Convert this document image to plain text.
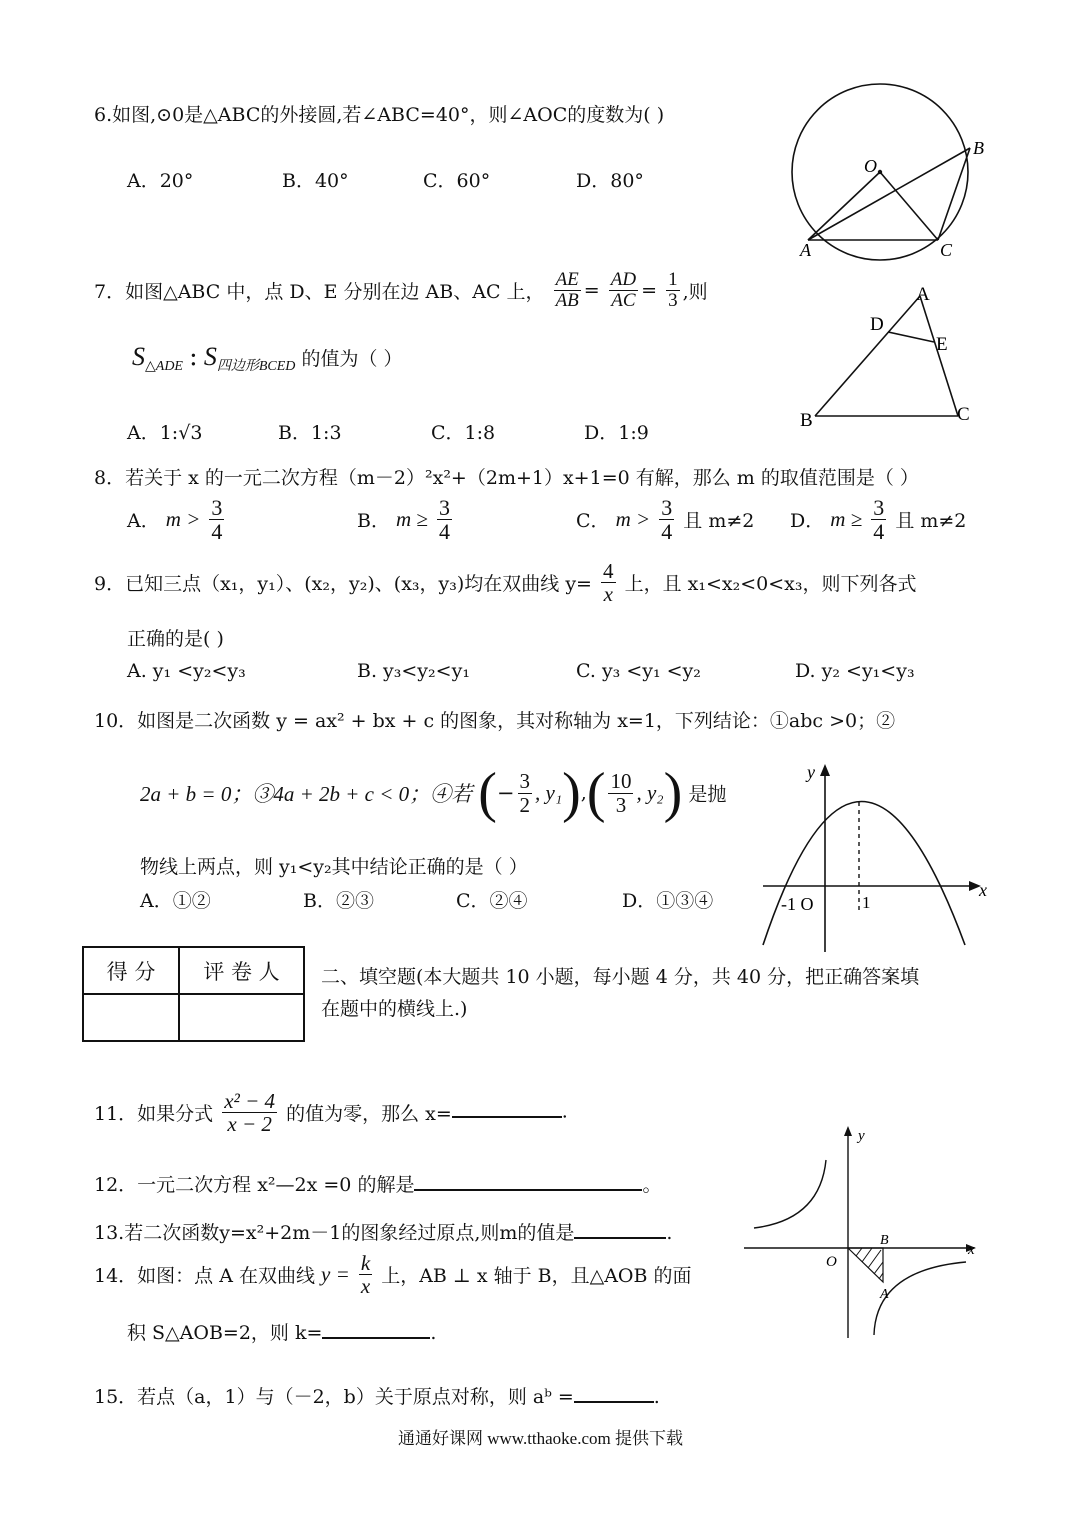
6.如图,⊙0是△ABC的外接圆,若∠ABC=40°，则∠AOC的度数为( )
A．20°	B．40°	C．60°	D．80°
O
B
A	C
7．如图△ABC 中，点 D、E 分别在边 AB、AC 上， $\frac{AE}{AB} = \frac{AD}{AC} = \frac{1}{3}$ ,则
$S_{\triangle ADE}$ : $S_{四边形BCED}$ 的值为（ ）
A．1:√3	B．1:3	C．1:8	D．1:9
A
D
E
B	C
8．若关于 x 的一元二次方程（m－2）²x²+（2m+1）x+1=0 有解，那么 m 的取值范围是（ ）
A． $m > \frac{3}{4}$	B． $m \ge \frac{3}{4}$	C． $m > \frac{3}{4}$ 且 m≠2 D． $m \ge \frac{3}{4}$ 且 m≠2
9．已知三点（x₁，y₁）、(x₂，y₂)、(x₃，y₃)均在双曲线 $y= \frac{4}{x}$ 上，且 x₁<x₂<0<x₃，则下列各式
正确的是( )
A. y₁ <y₂<y₃	B. y₃<y₂<y₁	C. y₃ <y₁ <y₂	D. y₂ <y₁<y₃
10．如图是二次函数 y = ax² + bx + c 的图象，其对称轴为 x=1，下列结论：①abc >0；②
2a + b = 0；③4a + 2b + c < 0；④若 (− $\frac{3}{2}$ , $y_1),( \frac{10}{3}$ , y₂) 是抛
物线上两点，则 y₁<y₂其中结论正确的是（ ）
A．①②	B．②③	C．②④	D．①③④
y
x
-1 O	1
得 分	评 卷 人
	二、填空题(本大题共 10 小题，每小题 4 分，共 40 分，把正确答案填
在题中的横线上.)
11．如果分式 $\frac{\text{x² − 4}}{x - 2}$ 的值为零，那么 x=	.
12．一元二次方程 x²—2x =0 的解是	。
13.若二次函数y=x²+2m－1的图象经过原点,则m的值是	.
14．如图：点 A 在双曲线 $y = \frac{k}{x}$ 上，AB ⊥ x 轴于 B，且△AOB 的面
积 S△AOB=2，则 k=	.
y
x
O
B
A
15．若点（a，1）与（－2，b）关于原点对称，则 aᵇ =	.
通通好课网 www.tthaoke.com 提供下载
